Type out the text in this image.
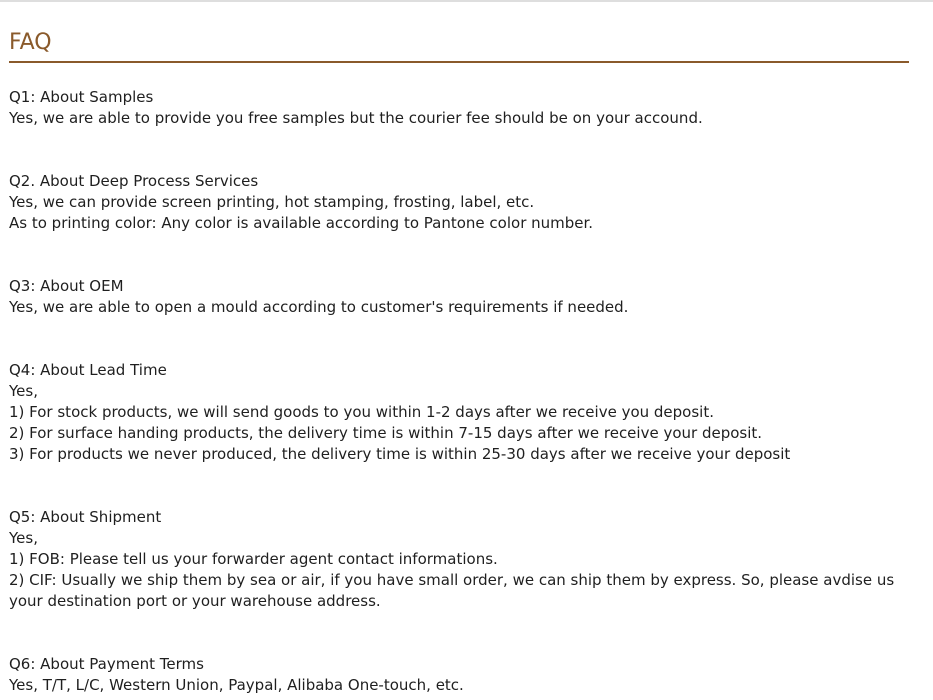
FAQ

Q1: About Samples

Yes, we are able to provide you free samples but the courier fee should be on your accound.

Q2. About Deep Process Services

Yes, we can provide screen printing, hot stamping, frosting, label, etc.

As to printing color: Any color is available according to Pantone color number.

Q3: About OEM

Yes, we are able to open a mould according to customer's requirements if needed.

Q4: About Lead Time

Yes,

1) For stock products, we will send goods to you within 1-2 days after we receive you deposit.

2) For surface handing products, the delivery time is within 7-15 days after we receive your deposit.

3) For products we never produced, the delivery time is within 25-30 days after we receive your deposit

Q5: About Shipment

Yes,

1) FOB: Please tell us your forwarder agent contact informations.

2) CIF: Usually we ship them by sea or air, if you have small order, we can ship them by express. So, please avdise us your destination port or your warehouse address.

Q6: About Payment Terms

Yes, T/T, L/C, Western Union, Paypal, Alibaba One-touch, etc.
